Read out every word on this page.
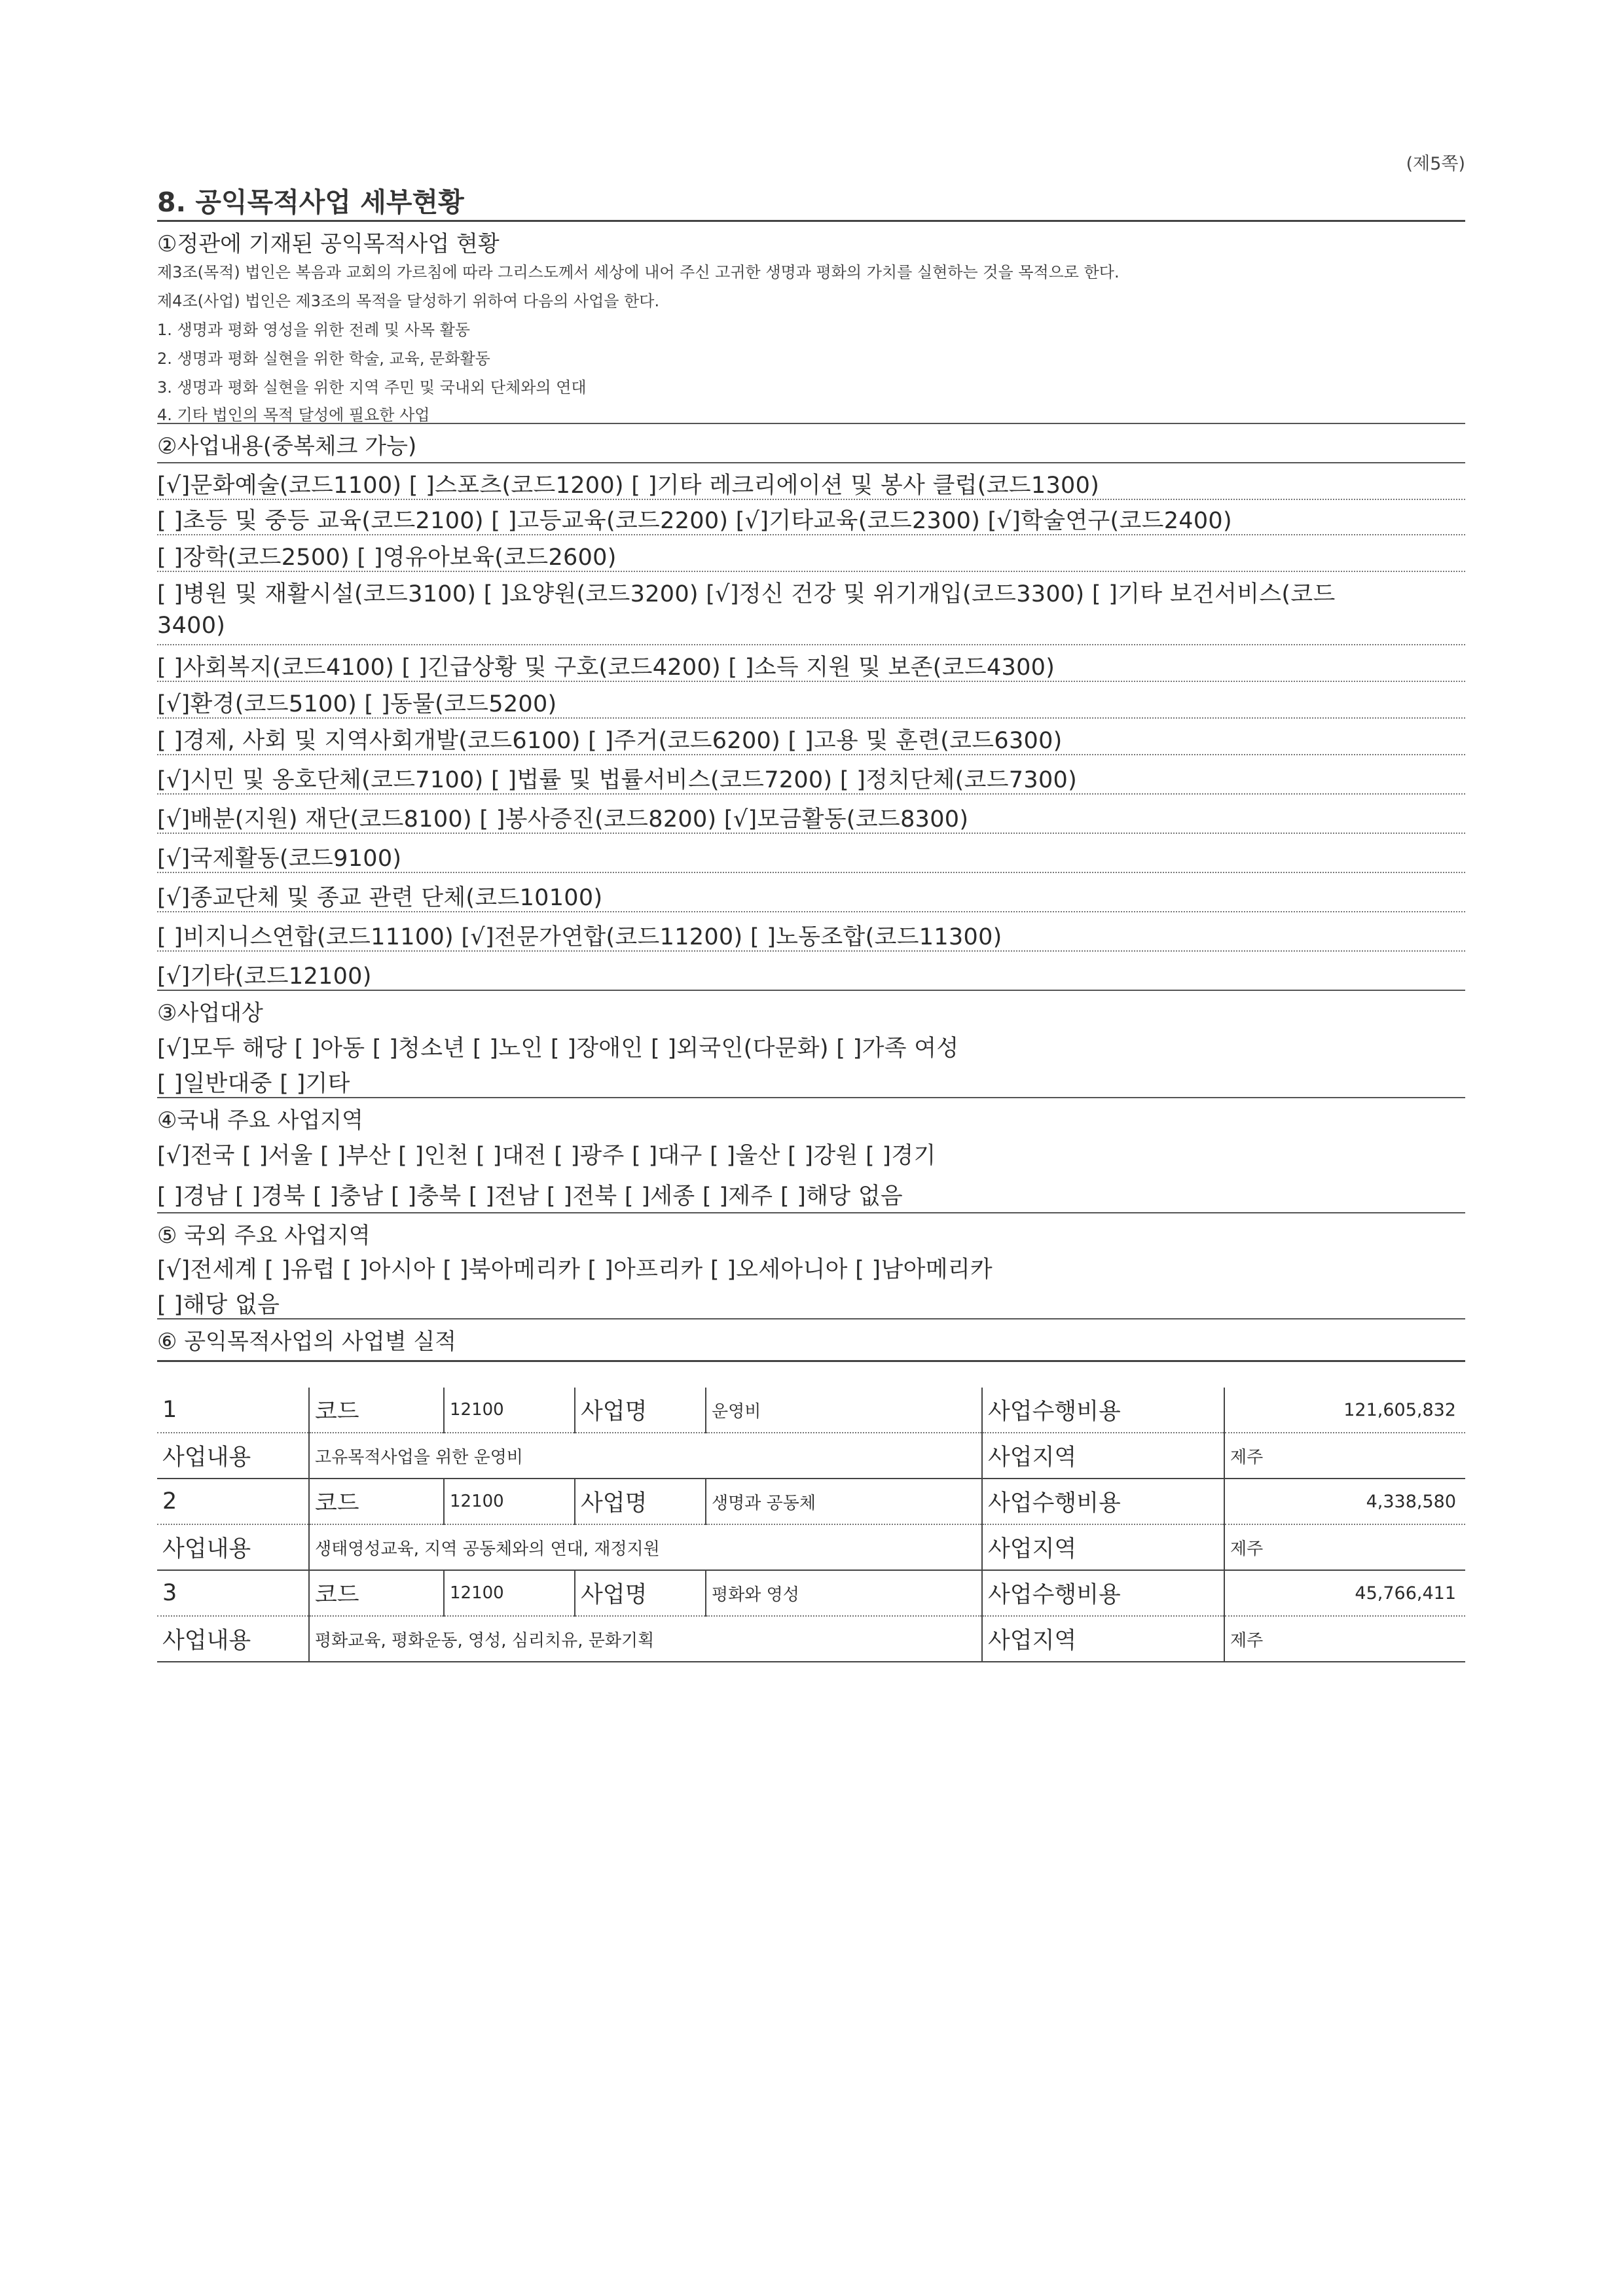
(제5쪽)
8. 공익목적사업 세부현황
①정관에 기재된 공익목적사업 현황
제3조(목적) 법인은 복음과 교회의 가르침에 따라 그리스도께서 세상에 내어 주신 고귀한 생명과 평화의 가치를 실현하는 것을 목적으로 한다.
제4조(사업) 법인은 제3조의 목적을 달성하기 위하여 다음의 사업을 한다.
1. 생명과 평화 영성을 위한 전례 및 사목 활동
2. 생명과 평화 실현을 위한 학술, 교육, 문화활동
3. 생명과 평화 실현을 위한 지역 주민 및 국내외 단체와의 연대
4. 기타 법인의 목적 달성에 필요한 사업
②사업내용(중복체크 가능)
[√]문화예술(코드1100) [ ]스포츠(코드1200) [ ]기타 레크리에이션 및 봉사 클럽(코드1300)
[ ]초등 및 중등 교육(코드2100) [ ]고등교육(코드2200) [√]기타교육(코드2300) [√]학술연구(코드2400)
[ ]장학(코드2500) [ ]영유아보육(코드2600)
[ ]병원 및 재활시설(코드3100) [ ]요양원(코드3200) [√]정신 건강 및 위기개입(코드3300) [ ]기타 보건서비스(코드
3400)
[ ]사회복지(코드4100) [ ]긴급상황 및 구호(코드4200) [ ]소득 지원 및 보존(코드4300)
[√]환경(코드5100) [ ]동물(코드5200)
[ ]경제, 사회 및 지역사회개발(코드6100) [ ]주거(코드6200) [ ]고용 및 훈련(코드6300)
[√]시민 및 옹호단체(코드7100) [ ]법률 및 법률서비스(코드7200) [ ]정치단체(코드7300)
[√]배분(지원) 재단(코드8100) [ ]봉사증진(코드8200) [√]모금활동(코드8300)
[√]국제활동(코드9100)
[√]종교단체 및 종교 관련 단체(코드10100)
[ ]비지니스연합(코드11100) [√]전문가연합(코드11200) [ ]노동조합(코드11300)
[√]기타(코드12100)
③사업대상
[√]모두 해당 [ ]아동 [ ]청소년 [ ]노인 [ ]장애인 [ ]외국인(다문화) [ ]가족 여성
[ ]일반대중 [ ]기타
④국내 주요 사업지역
[√]전국 [ ]서울 [ ]부산 [ ]인천 [ ]대전 [ ]광주 [ ]대구 [ ]울산 [ ]강원 [ ]경기
[ ]경남 [ ]경북 [ ]충남 [ ]충북 [ ]전남 [ ]전북 [ ]세종 [ ]제주 [ ]해당 없음
⑤ 국외 주요 사업지역
[√]전세계 [ ]유럽 [ ]아시아 [ ]북아메리카 [ ]아프리카 [ ]오세아니아 [ ]남아메리카
[ ]해당 없음
⑥ 공익목적사업의 사업별 실적
1	코드	12100	사업명	운영비	사업수행비용	121,605,832
사업내용	고유목적사업을 위한 운영비				사업지역	제주
2	코드	12100	사업명	생명과 공동체	사업수행비용	4,338,580
사업내용	생태영성교육, 지역 공동체와의 연대, 재정지원				사업지역	제주
3	코드	12100	사업명	평화와 영성	사업수행비용	45,766,411
사업내용	평화교육, 평화운동, 영성, 심리치유, 문화기획				사업지역	제주
